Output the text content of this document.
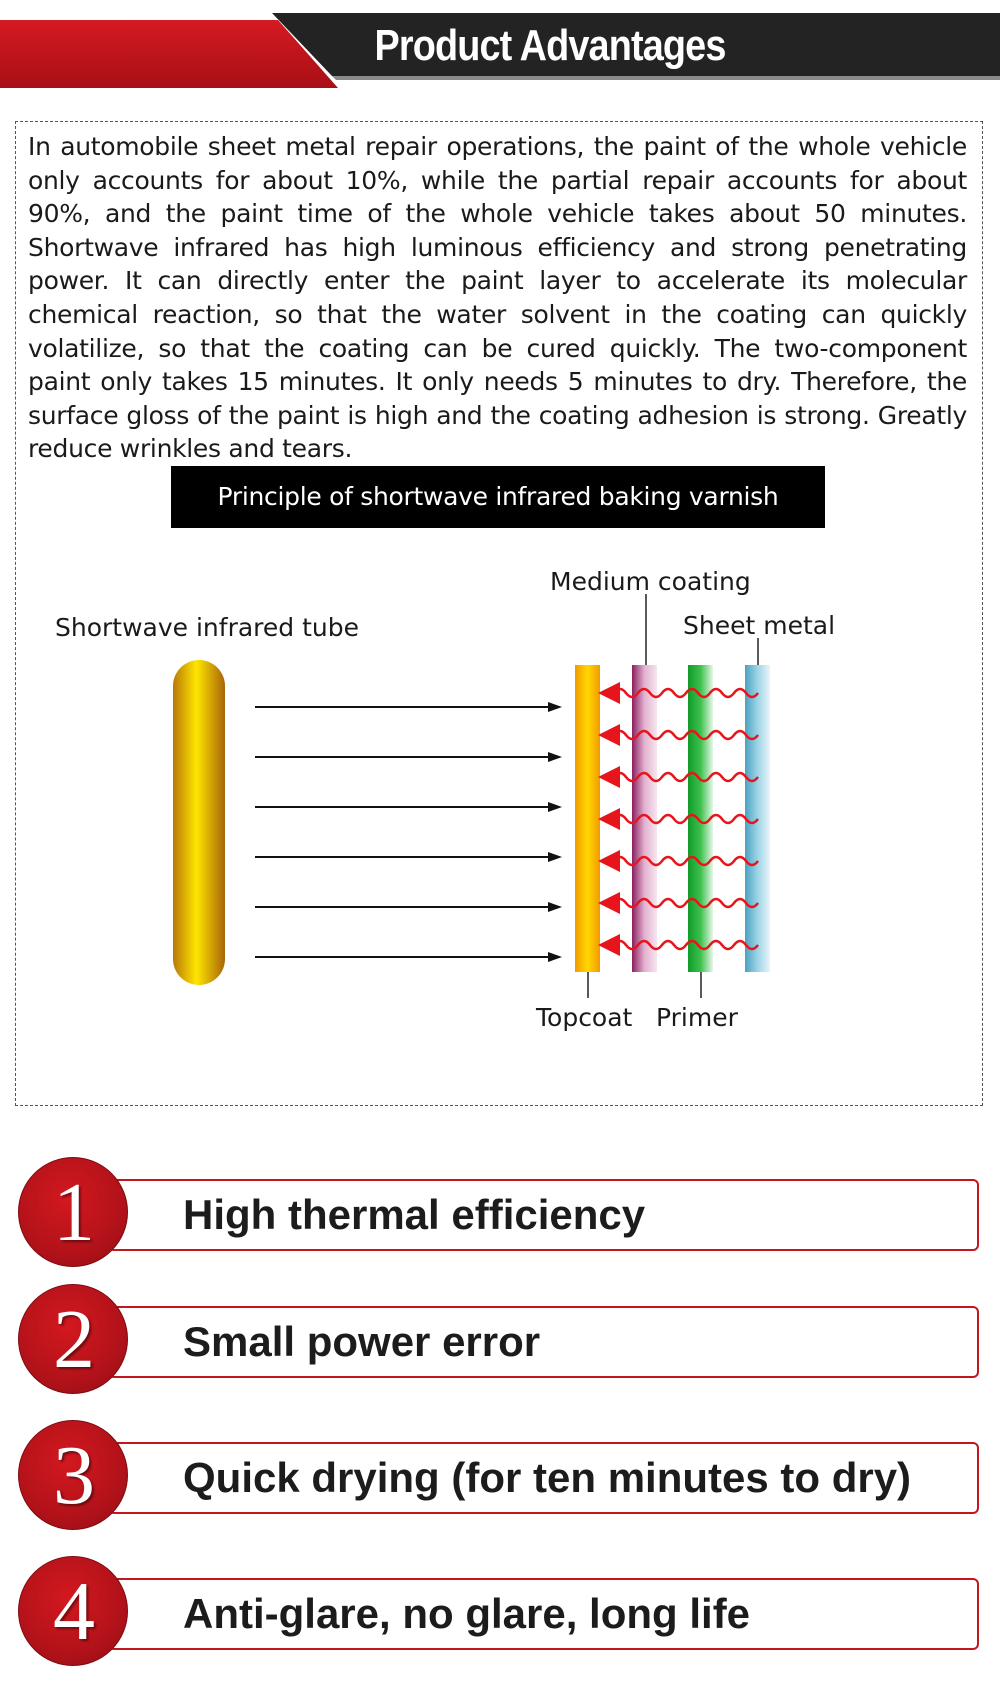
Product Advantages

In automobile sheet metal repair operations, the paint of the whole vehicle only accounts for about 10%, while the partial repair accounts for about 90%, and the paint time of the whole vehicle takes about 50 minutes. Shortwave infrared has high luminous efficiency and strong penetrating power. It can directly enter the paint layer to accelerate its molecular chemical reaction, so that the water solvent in the coating can quickly volatilize, so that the coating can be cured quickly. The two-component paint only takes 15 minutes. It only needs 5 minutes to dry. Therefore, the surface gloss of the paint is high and the coating adhesion is strong. Greatly reduce wrinkles and tears.

Principle of shortwave infrared baking varnish
Shortwave infrared tube
Medium coating
Sheet metal
Topcoat Primer
1	High thermal efficiency
2	Small power error
3	Quick drying (for ten minutes to dry)
4	Anti-glare, no glare, long life
